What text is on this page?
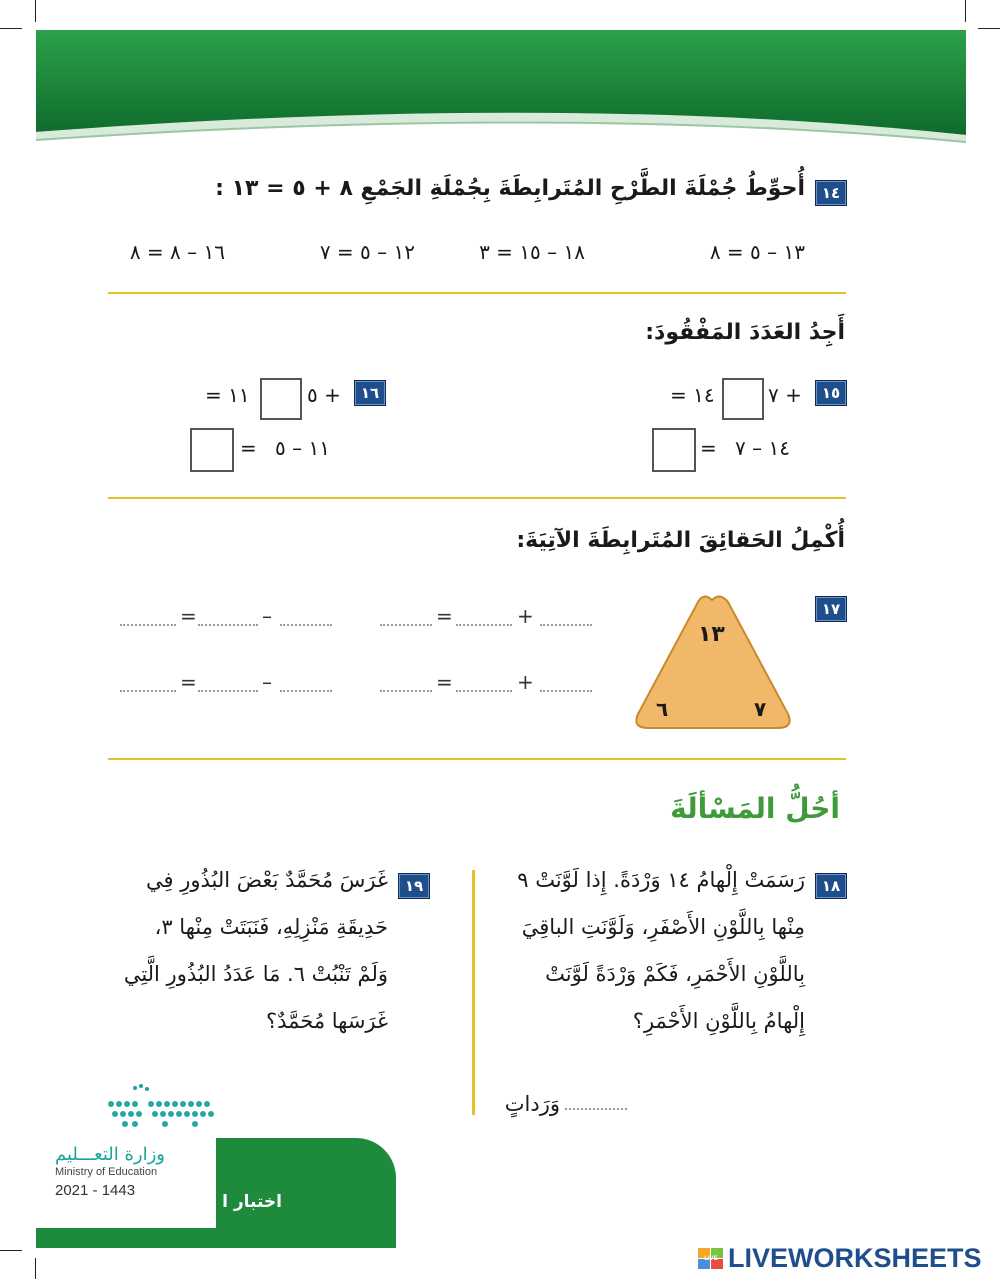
١٤
أُحوِّطُ جُمْلَةَ الطَّرْحِ المُتَرابِطَةَ بِجُمْلَةِ الجَمْعِ ٨ + ٥ = ١٣ :
١٣ – ٥ = ٨
١٨ – ١٥ = ٣
١٢ – ٥ = ٧
١٦ – ٨ = ٨
أَجِدُ العَدَدَ المَفْقُودَ:
١٥
٧ +
= ١٤
١٤ – ٧
=
١٦
٥ +
= ١١
١١ – ٥
=
أُكْمِلُ الحَقائِقَ المُتَرابِطَةَ الآتِيَةَ:
١٧
١٣
٦	٧
+
=
–
=
+
=
–
=
أحُلُّ المَسْألَةَ
١٨
رَسَمَتْ إِلْهامُ ١٤ وَرْدَةً. إِذا لَوَّنَتْ ٩
مِنْها بِاللَّوْنِ الأَصْفَرِ، وَلَوَّنَتِ الباقِيَ
بِاللَّوْنِ الأَحْمَرِ، فَكَمْ وَرْدَةً لَوَّنَتْ
إِلْهامُ بِاللَّوْنِ الأَحْمَرِ؟
وَرَداتٍ
١٩
غَرَسَ مُحَمَّدٌ بَعْضَ البُذُورِ فِي
حَدِيقَةِ مَنْزِلِهِ، فَنَبَتَتْ مِنْها ٣،
وَلَمْ تَنْبُتْ ٦. مَا عَدَدُ البُذُورِ الَّتِي
غَرَسَها مُحَمَّدٌ؟
وزارة التعـــليم
Ministry of Education
2021 - 1443
اختبار ا
LIVE LIVEWORKSHEETS
